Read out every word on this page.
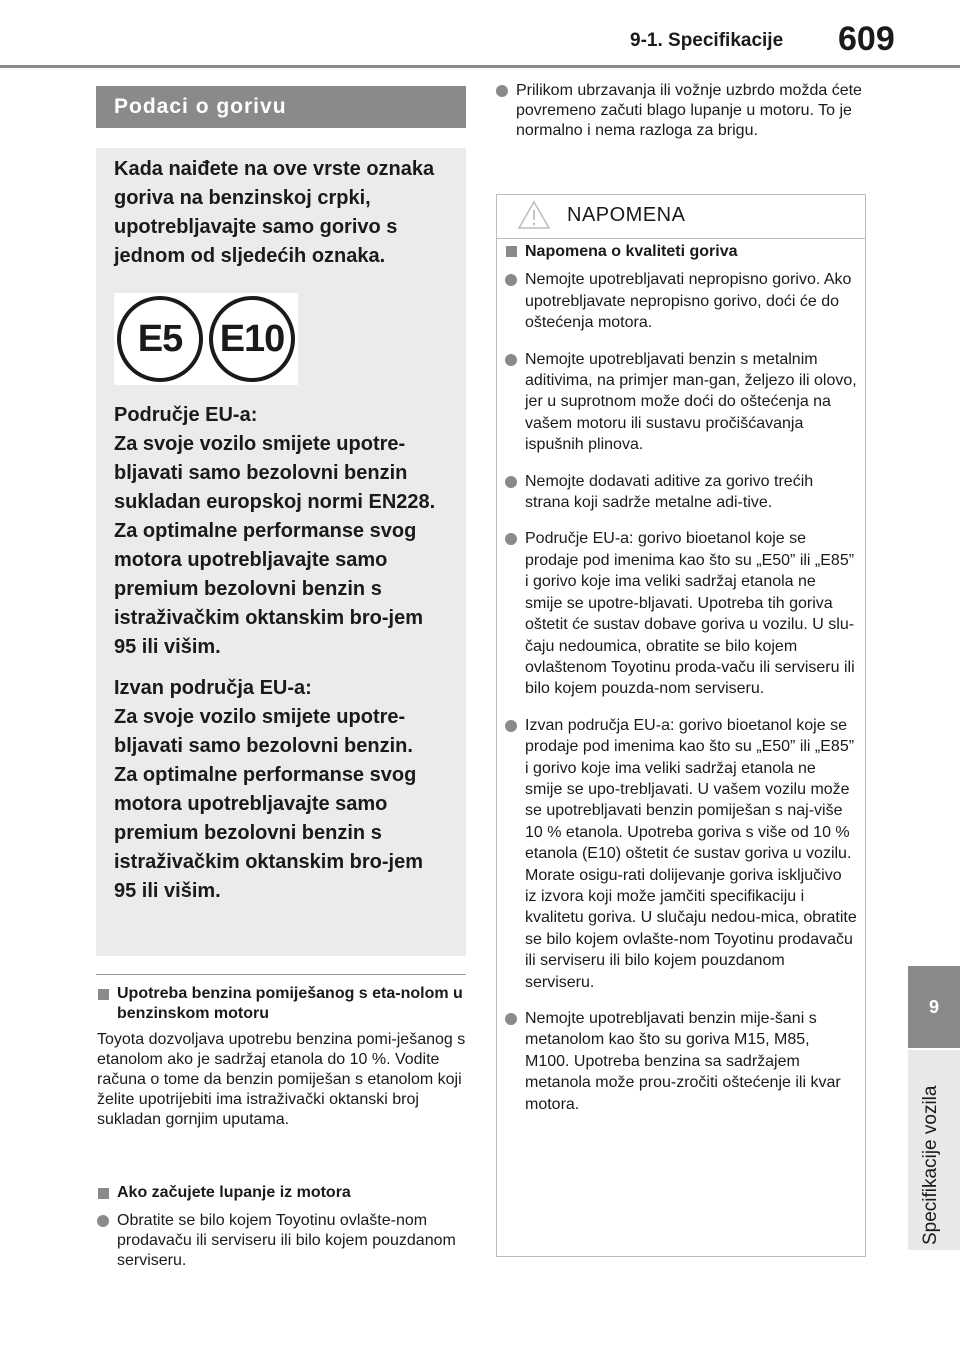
9-1. Specifikacije 609
9
Specifikacije vozila
Podaci o gorivu

Kada naiđete na ove vrste oznaka goriva na benzinskoj crpki, upotrebljavajte samo gorivo s jednom od sljedećih oznaka.

E5 E10

Područje EU-a:

Za svoje vozilo smijete upotre-bljavati samo bezolovni benzin sukladan europskoj normi EN228.

Za optimalne performanse svog motora upotrebljavajte samo premium bezolovni benzin s istraživačkim oktanskim bro-jem 95 ili višim.

Izvan područja EU-a:

Za svoje vozilo smijete upotre-bljavati samo bezolovni benzin.

Za optimalne performanse svog motora upotrebljavajte samo premium bezolovni benzin s istraživačkim oktanskim bro-jem 95 ili višim.

Upotreba benzina pomiješanog s eta-nolom u benzinskom motoru

Toyota dozvoljava upotrebu benzina pomi-ješanog s etanolom ako je sadržaj etanola do 10 %. Vodite računa o tome da benzin pomiješan s etanolom koji želite upotrijebiti ima istraživački oktanski broj sukladan gornjim uputama.

Ako začujete lupanje iz motora

Obratite se bilo kojem Toyotinu ovlašte-nom prodavaču ili serviseru ili bilo kojem pouzdanom serviseru.

Prilikom ubrzavanja ili vožnje uzbrdo možda ćete povremeno začuti blago lupanje u motoru. To je normalno i nema razloga za brigu.

NAPOMENA
Napomena o kvaliteti goriva

Nemojte upotrebljavati nepropisno gorivo. Ako upotrebljavate nepropisno gorivo, doći će do oštećenja motora.

Nemojte upotrebljavati benzin s metalnim aditivima, na primjer man-gan, željezo ili olovo, jer u suprotnom može doći do oštećenja na vašem motoru ili sustavu pročišćavanja ispušnih plinova.

Nemojte dodavati aditive za gorivo trećih strana koji sadrže metalne adi-tive.

Područje EU-a: gorivo bioetanol koje se prodaje pod imenima kao što su „E50” ili „E85” i gorivo koje ima veliki sadržaj etanola ne smije se upotre-bljavati. Upotreba tih goriva oštetit će sustav dobave goriva u vozilu. U slu-čaju nedoumica, obratite se bilo kojem ovlaštenom Toyotinu proda-vaču ili serviseru ili bilo kojem pouzda-nom serviseru.

Izvan područja EU-a: gorivo bioetanol koje se prodaje pod imenima kao što su „E50” ili „E85” i gorivo koje ima veliki sadržaj etanola ne smije se upo-trebljavati. U vašem vozilu može se upotrebljavati benzin pomiješan s naj-više 10 % etanola. Upotreba goriva s više od 10 % etanola (E10) oštetit će sustav goriva u vozilu. Morate osigu-rati dolijevanje goriva isključivo iz izvora koji može jamčiti specifikaciju i kvalitetu goriva. U slučaju nedou-mica, obratite se bilo kojem ovlašte-nom Toyotinu prodavaču ili serviseru ili bilo kojem pouzdanom serviseru.

Nemojte upotrebljavati benzin mije-šani s metanolom kao što su goriva M15, M85, M100. Upotreba benzina sa sadržajem metanola može prou-zročiti oštećenje ili kvar motora.
